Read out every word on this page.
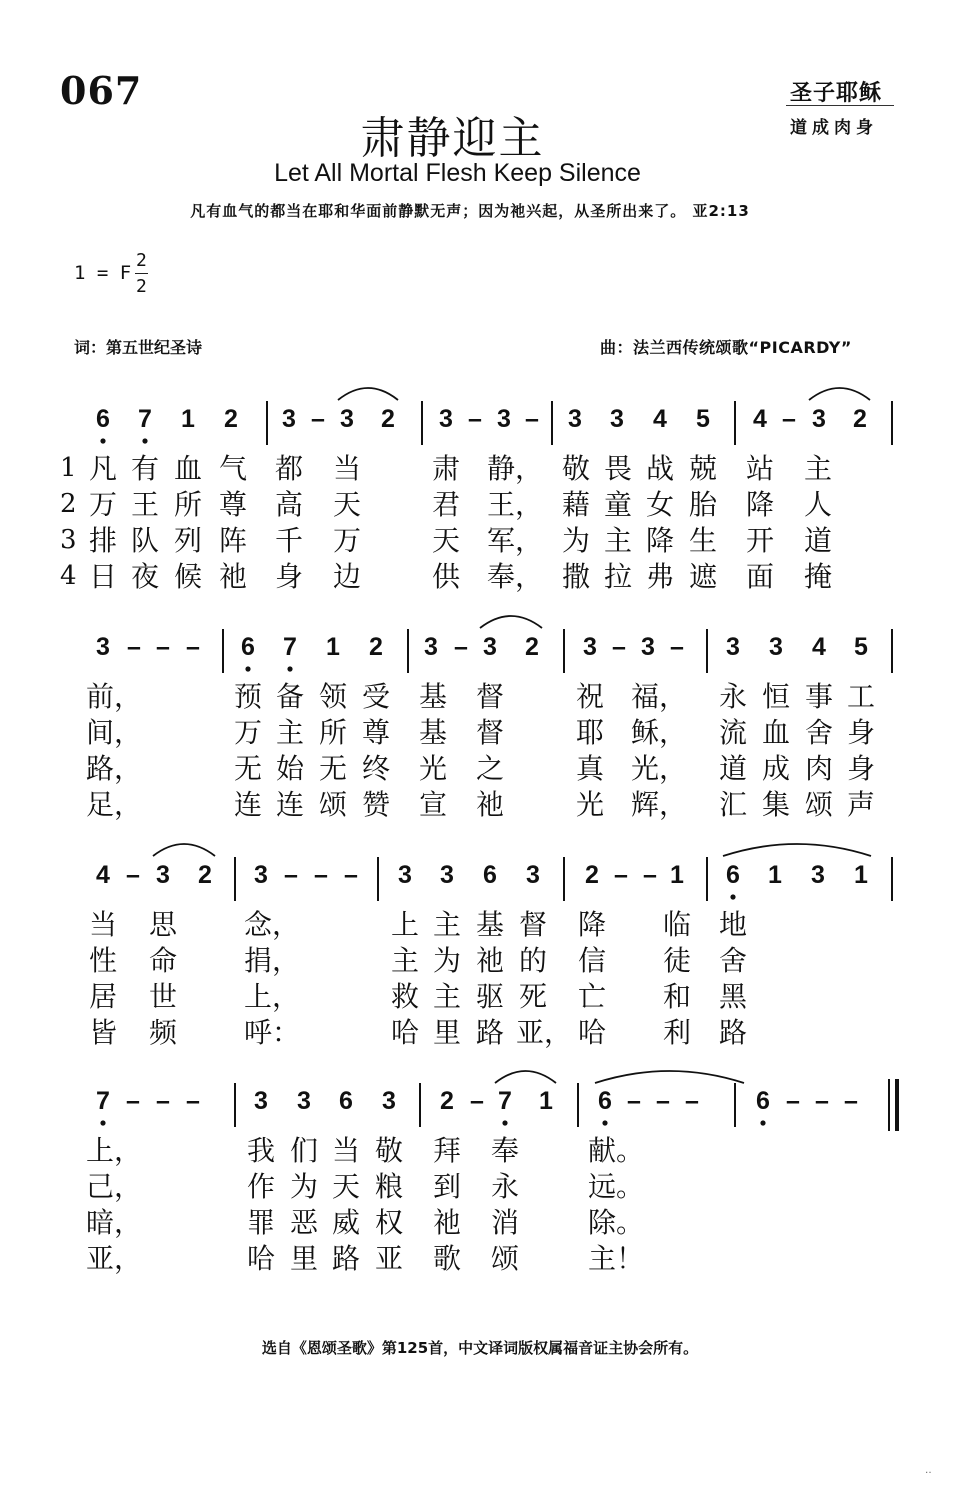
067	圣子耶稣
道成肉身
肃静迎主
Let All Mortal Flesh Keep Silence
凡有血气的都当在耶和华面前静默无声；因为祂兴起，从圣所出来了。 亚2:13
1 = F
2
2
词：第五世纪圣诗	曲：法兰西传统颂歌“PICARDY”
6	7	1	2	3 – 3	2	3 – 3 –	3	3	4	5	4 – 3	2
1 凡 有 血 气 都 当	肃 静， 敬 畏 战 兢 站 主
2 万 王 所 尊 高 天	君 王， 藉 童 女 胎 降 人
3 排 队 列 阵 千 万	天 军， 为 主 降 生 开 道
4 日 夜 候 祂 身 边	供 奉， 撒 拉 弗 遮 面 掩
3 – – –	6	7	1	2	3 – 3	2	3 – 3 –	3	3	4	5
前，	预 备 领 受 基 督	祝 福， 永 恒 事 工
间，	万 主 所 尊 基 督	耶 稣， 流 血 舍 身
路，	无 始 无 终 光 之	真 光， 道 成 肉 身
足，	连 连 颂 赞 宣 祂	光 辉， 汇 集 颂 声
4 – 3	2	3 – – –	3	3	6	3	2 – – 1	6	1	3	1
当 思 念，	上 主 基 督 降 临 地
性 命 捐，	主 为 祂 的 信 徒 舍
居 世 上，	救 主 驱 死 亡 和 黑
皆 频 呼：	哈 里 路 亚， 哈 利 路
7 – – –	3	3	6	3	2 – 7	1	6 – – –	6 – – –
上，	我 们 当 敬 拜 奉 献。
己，	作 为 天 粮 到 永 远。
暗，	罪 恶 威 权 祂 消 除。
亚，	哈 里 路 亚 歌 颂 主！
选自《恩颂圣歌》第125首，中文译词版权属福音证主协会所有。
‥
